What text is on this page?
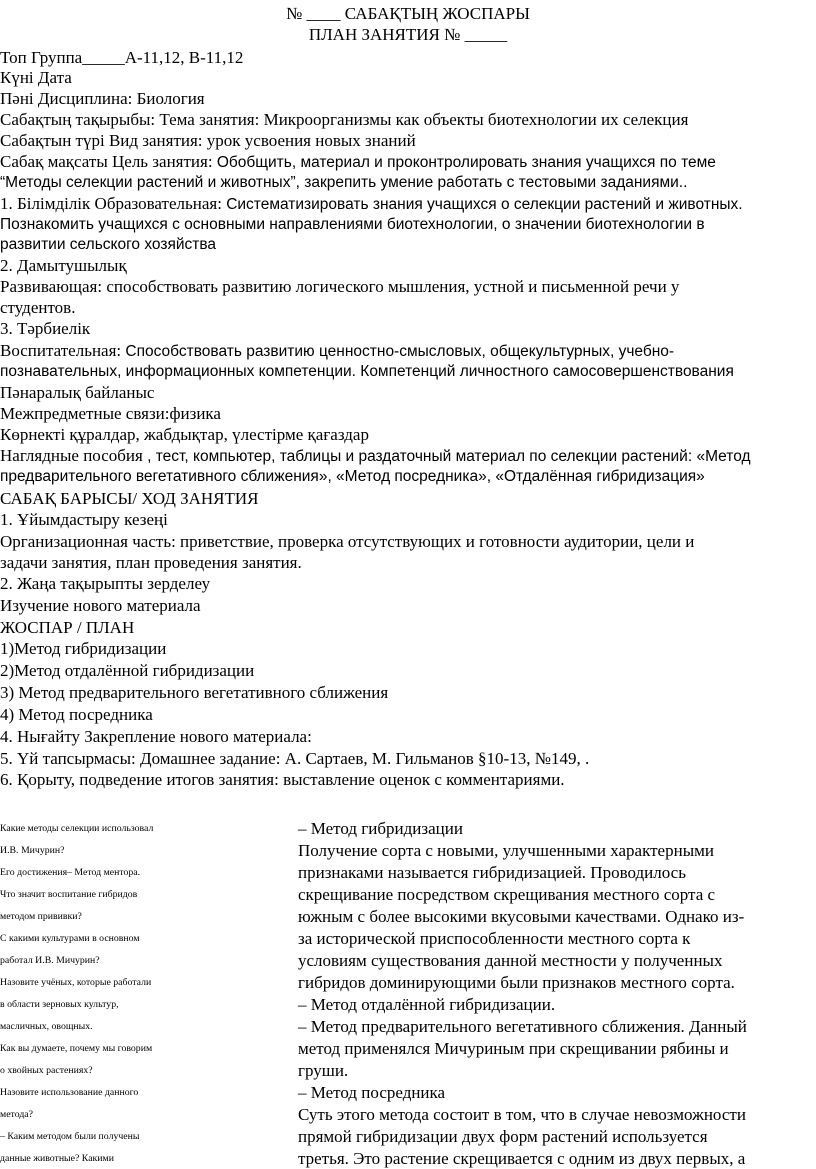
№ ____ САБАҚТЫҢ ЖОСПАРЫ
ПЛАН ЗАНЯТИЯ № _____
Топ Группа_____А-11,12, В-11,12
Күні Дата
Пәні Дисциплина: Биология
Сабақтың тақырыбы: Тема занятия: Микроорганизмы как объекты биотехнологии их селекция
Сабақтын түрі Вид занятия: урок усвоения новых знаний
Сабақ мақсаты Цель занятия: Обобщить, материал и проконтролировать знания учащихся по теме
“Методы селекции растений и животных”, закрепить умение работать с тестовыми заданиями..
1. Білімділік Образовательная: Систематизировать знания учащихся о селекции растений и животных.
Познакомить учащихся с основными направлениями биотехнологии, о значении биотехнологии в
развитии сельского хозяйства
2. Дамытушылық
Развивающая: способствовать развитию логического мышления, устной и письменной речи у
студентов.
3. Тәрбиелік
Воспитательная: Способствовать развитию ценностно-смысловых, общекультурных, учебно-
познавательных, информационных компетенции. Компетенций личностного самосовершенствования
Пәнаралық байланыс
Межпредметные связи:физика
Көрнекті құралдар, жабдықтар, үлестірме қағаздар
Наглядные пособия , тест, компьютер, таблицы и раздаточный материал по селекции растений: «Метод
предварительного вегетативного сближения», «Метод посредника», «Отдалённая гибридизация»
САБАҚ БАРЫСЫ/ ХОД ЗАНЯТИЯ
1. Ұйымдастыру кезеңі
Организационная часть: приветствие, проверка отсутствующих и готовности аудитории, цели и
задачи занятия, план проведения занятия.
2. Жаңа тақырыпты зерделеу
Изучение нового материала
ЖОСПАР / ПЛАН
1)Метод гибридизации
2)Метод отдалённой гибридизации
3) Метод предварительного вегетативного сближения
4) Метод посредника
4. Нығайту Закрепление нового материала:
5. Үй тапсырмасы: Домашнее задание: А. Сартаев, М. Гильманов §10-13, №149, .
6. Қорыту, подведение итогов занятия: выставление оценок с комментариями.
Какие методы селекции использовал
И.В. Мичурин?
Его достижения– Метод ментора.
Что значит воспитание гибридов
методом прививки?
С какими культурами в основном
работал И.В. Мичурин?
Назовите учёных, которые работали
в области зерновых культур,
масличных, овощных.
Как вы думаете, почему мы говорим
о хвойных растениях?
Назовите использование данного
метода?
– Каким методом были получены
данные животные? Какими
– Метод гибридизации
Получение сорта с новыми, улучшенными характерными
признаками называется гибридизацией. Проводилось
скрещивание посредством скрещивания местного сорта с
южным с более высокими вкусовыми качествами. Однако из-
за исторической приспособленности местного сорта к
условиям существования данной местности у полученных
гибридов доминирующими были признаков местного сорта.
– Метод отдалённой гибридизации.
– Метод предварительного вегетативного сближения. Данный
метод применялся Мичуриным при скрещивании рябины и
груши.
– Метод посредника
Суть этого метода состоит в том, что в случае невозможности
прямой гибридизации двух форм растений используется
третья. Это растение скрещивается с одним из двух первых, а
